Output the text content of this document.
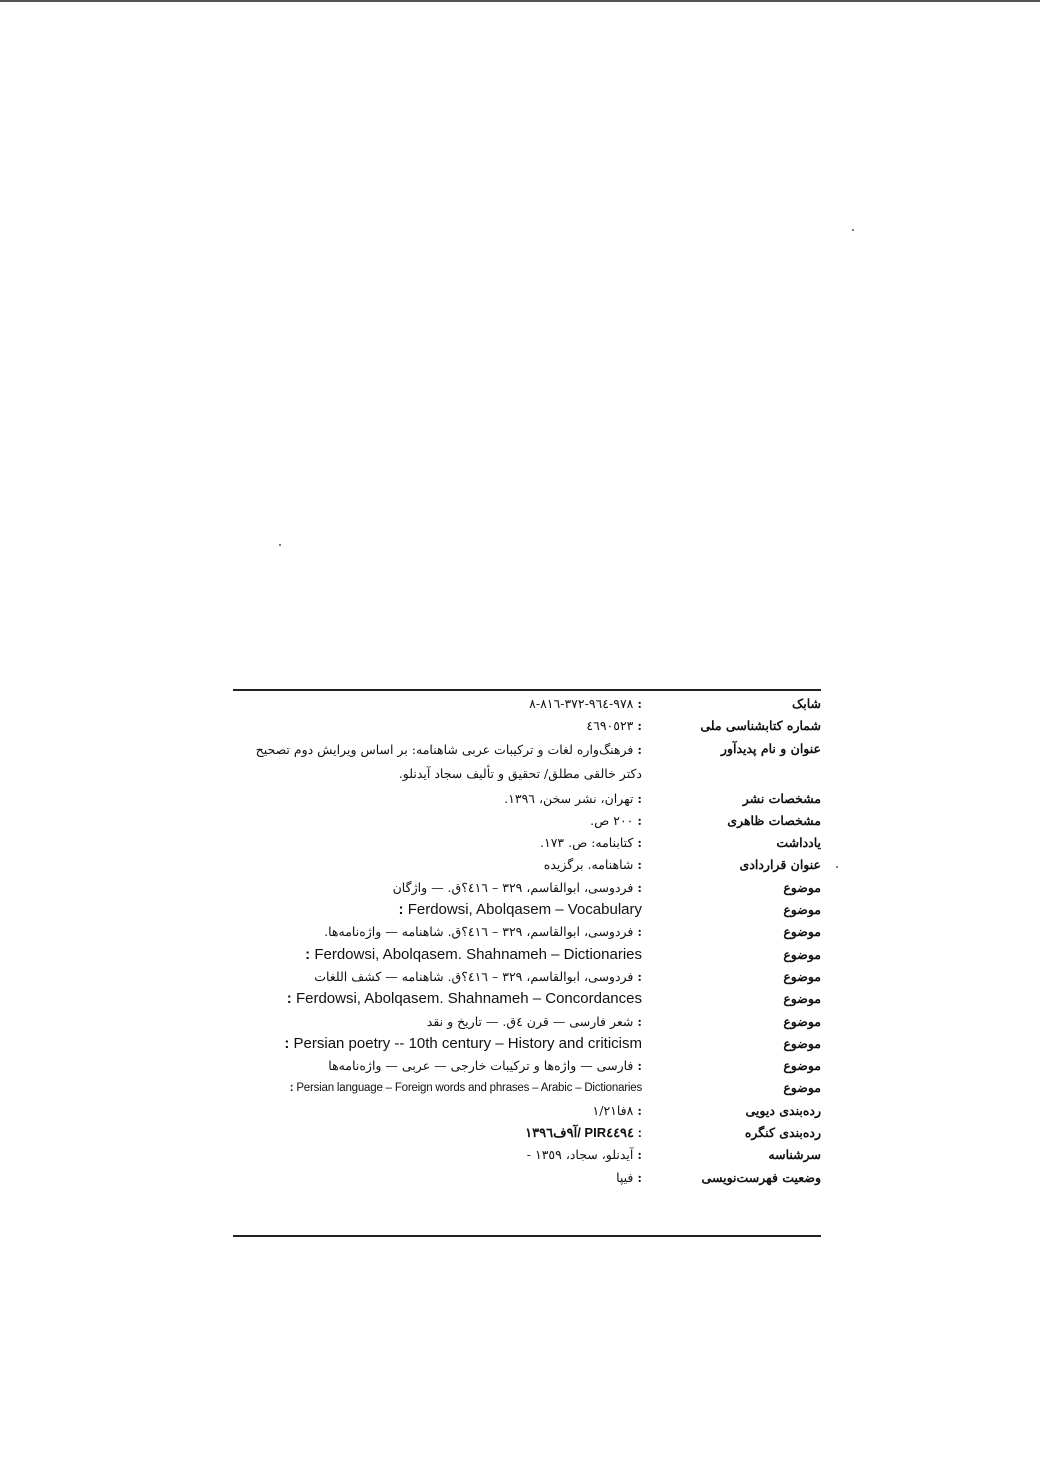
شابک
: ٩٧٨-٩٦٤-٣٧٢-٨١٦-٨
شماره کتابشناسی ملی
: ٤٦٩٠٥٢٣
عنوان و نام پدیدآور
: فرهنگ‌واره لغات و ترکیبات عربی شاهنامه: بر اساس ویرایش دوم تصحیح دکتر خالقی مطلق/ تحقیق و تألیف سجاد آیدنلو.
مشخصات نشر
: تهران، نشر سخن، ١٣٩٦.
مشخصات ظاهری
: ٢٠٠ ص.
یادداشت
: کتابنامه: ص. ١٧٣.
عنوان قراردادی
: شاهنامه. برگزیده
موضوع
: فردوسی، ابوالقاسم، ٣٢٩ – ٤١٦؟ق. — واژگان
موضوع
: Ferdowsi, Abolqasem – Vocabulary
موضوع
: فردوسی، ابوالقاسم، ٣٢٩ – ٤١٦؟ق. شاهنامه — واژه‌نامه‌ها.
موضوع
: Ferdowsi, Abolqasem. Shahnameh – Dictionaries
موضوع
: فردوسی، ابوالقاسم، ٣٢٩ – ٤١٦؟ق. شاهنامه — کشف اللغات
موضوع
: Ferdowsi, Abolqasem. Shahnameh – Concordances
موضوع
: شعر فارسی — قرن ٤ق. — تاریخ و نقد
موضوع
: Persian poetry -- 10th century – History and criticism
موضوع
: فارسی — واژه‌ها و ترکیبات خارجی — عربی — واژه‌نامه‌ها
موضوع
: Persian language – Foreign words and phrases – Arabic – Dictionaries
رده‌بندی دیویی
: ٨فا١/٢١
رده‌بندی کنگره
: PIR٤٤٩٤ /آ٩ف١٣٩٦
سرشناسه
: آیدنلو، سجاد، ١٣٥٩ -
وضعیت فهرست‌نویسی
: فیپا
